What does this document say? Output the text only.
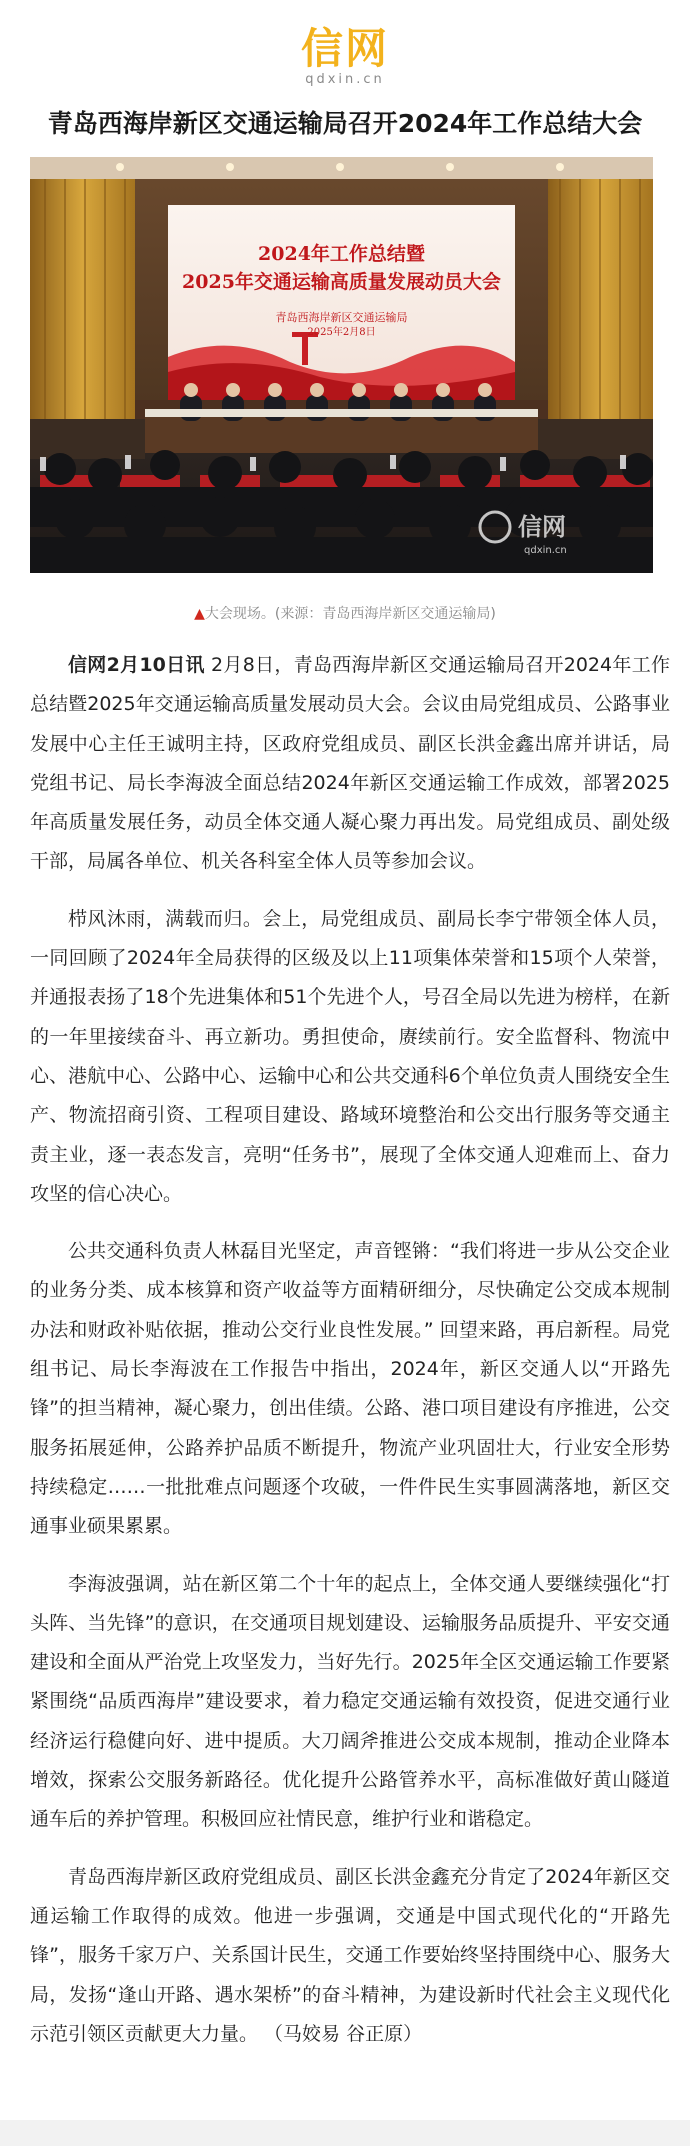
信网
qdxin.cn
青岛西海岸新区交通运输局召开2024年工作总结大会
2024年工作总结暨
2025年交通运输高质量发展动员大会
青岛西海岸新区交通运输局
2025年2月8日
信网
qdxin.cn
▲大会现场。(来源：青岛西海岸新区交通运输局)

信网2月10日讯 2月8日，青岛西海岸新区交通运输局召开2024年工作总结暨2025年交通运输高质量发展动员大会。会议由局党组成员、公路事业发展中心主任王诚明主持，区政府党组成员、副区长洪金鑫出席并讲话，局党组书记、局长李海波全面总结2024年新区交通运输工作成效，部署2025年高质量发展任务，动员全体交通人凝心聚力再出发。局党组成员、副处级干部，局属各单位、机关各科室全体人员等参加会议。

栉风沐雨，满载而归。会上，局党组成员、副局长李宁带领全体人员，一同回顾了2024年全局获得的区级及以上11项集体荣誉和15项个人荣誉，并通报表扬了18个先进集体和51个先进个人，号召全局以先进为榜样，在新的一年里接续奋斗、再立新功。勇担使命，赓续前行。安全监督科、物流中心、港航中心、公路中心、运输中心和公共交通科6个单位负责人围绕安全生产、物流招商引资、工程项目建设、路域环境整治和公交出行服务等交通主责主业，逐一表态发言，亮明“任务书”，展现了全体交通人迎难而上、奋力攻坚的信心决心。

公共交通科负责人林磊目光坚定，声音铿锵：“我们将进一步从公交企业的业务分类、成本核算和资产收益等方面精研细分，尽快确定公交成本规制办法和财政补贴依据，推动公交行业良性发展。” 回望来路，再启新程。局党组书记、局长李海波在工作报告中指出，2024年，新区交通人以“开路先锋”的担当精神，凝心聚力，创出佳绩。公路、港口项目建设有序推进，公交服务拓展延伸，公路养护品质不断提升，物流产业巩固壮大，行业安全形势持续稳定……一批批难点问题逐个攻破，一件件民生实事圆满落地，新区交通事业硕果累累。

李海波强调，站在新区第二个十年的起点上，全体交通人要继续强化“打头阵、当先锋”的意识，在交通项目规划建设、运输服务品质提升、平安交通建设和全面从严治党上攻坚发力，当好先行。2025年全区交通运输工作要紧紧围绕“品质西海岸”建设要求，着力稳定交通运输有效投资，促进交通行业经济运行稳健向好、进中提质。大刀阔斧推进公交成本规制，推动企业降本增效，探索公交服务新路径。优化提升公路管养水平，高标准做好黄山隧道通车后的养护管理。积极回应社情民意，维护行业和谐稳定。

青岛西海岸新区政府党组成员、副区长洪金鑫充分肯定了2024年新区交通运输工作取得的成效。他进一步强调，交通是中国式现代化的“开路先锋”，服务千家万户、关系国计民生，交通工作要始终坚持围绕中心、服务大局，发扬“逢山开路、遇水架桥”的奋斗精神，为建设新时代社会主义现代化示范引领区贡献更大力量。 （马姣易 谷正原）
